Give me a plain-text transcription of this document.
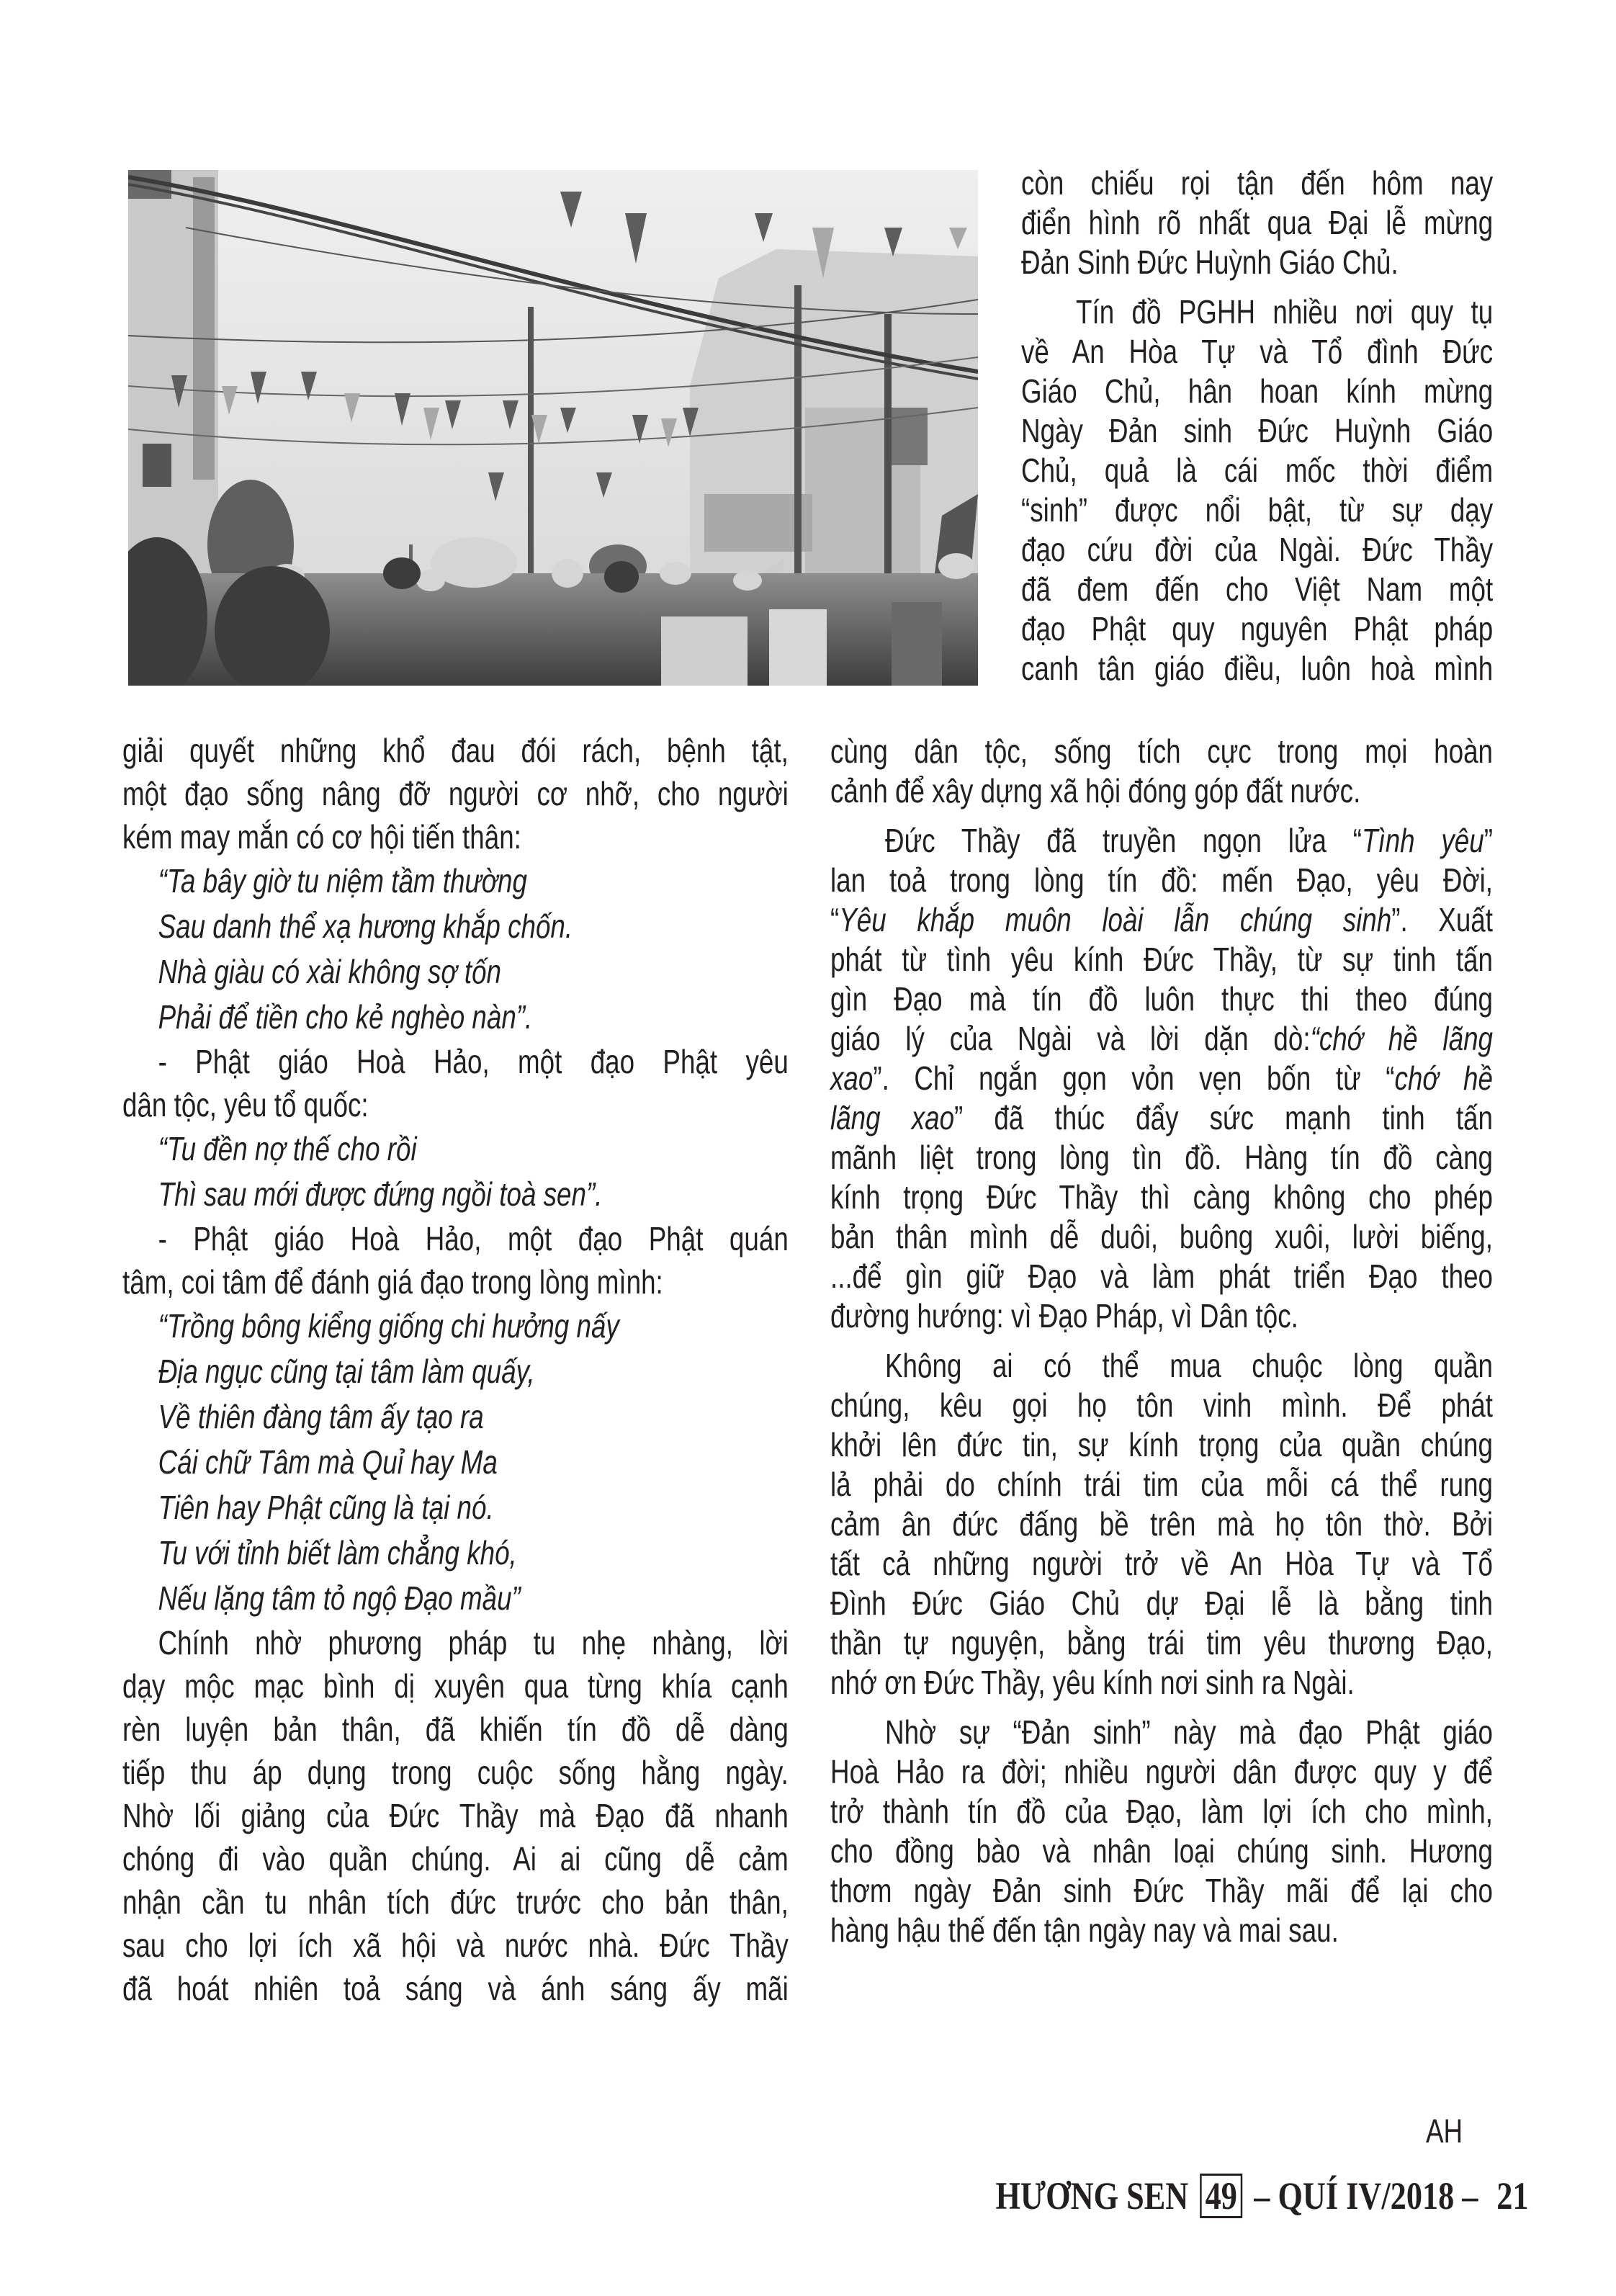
còn chiếu rọi tận đến hôm nay
điển hình rõ nhất qua Đại lễ mừng
Đản Sinh Đức Huỳnh Giáo Chủ.
Tín đồ PGHH nhiều nơi quy tụ
về An Hòa Tự và Tổ đình Đức
Giáo Chủ, hân hoan kính mừng
Ngày Đản sinh Đức Huỳnh Giáo
Chủ, quả là cái mốc thời điểm
“sinh” được nổi bật, từ sự dạy
đạo cứu đời của Ngài. Đức Thầy
đã đem đến cho Việt Nam một
đạo Phật quy nguyên Phật pháp
canh tân giáo điều, luôn hoà mình
cùng dân tộc, sống tích cực trong mọi hoàn
cảnh để xây dựng xã hội đóng góp đất nước.
Đức Thầy đã truyền ngọn lửa “Tình yêu”
lan toả trong lòng tín đồ: mến Đạo, yêu Đời,
“Yêu khắp muôn loài lẫn chúng sinh”. Xuất
phát từ tình yêu kính Đức Thầy, từ sự tinh tấn
gìn Đạo mà tín đồ luôn thực thi theo đúng
giáo lý của Ngài và lời dặn dò:“chớ hề lãng
xao”. Chỉ ngắn gọn vỏn vẹn bốn từ “chớ hề
lãng xao” đã thúc đẩy sức mạnh tinh tấn
mãnh liệt trong lòng tìn đồ. Hàng tín đồ càng
kính trọng Đức Thầy thì càng không cho phép
bản thân mình dễ duôi, buông xuôi, lười biếng,
...để gìn giữ Đạo và làm phát triển Đạo theo
đường hướng: vì Đạo Pháp, vì Dân tộc.
Không ai có thể mua chuộc lòng quần
chúng, kêu gọi họ tôn vinh mình. Để phát
khởi lên đức tin, sự kính trọng của quần chúng
lả phải do chính trái tim của mỗi cá thể rung
cảm ân đức đấng bề trên mà họ tôn thờ. Bởi
tất cả những người trở về An Hòa Tự và Tổ
Đình Đức Giáo Chủ dự Đại lễ là bằng tinh
thần tự nguyện, bằng trái tim yêu thương Đạo,
nhớ ơn Đức Thầy, yêu kính nơi sinh ra Ngài.
Nhờ sự “Đản sinh” này mà đạo Phật giáo
Hoà Hảo ra đời; nhiều người dân được quy y để
trở thành tín đồ của Đạo, làm lợi ích cho mình,
cho đồng bào và nhân loại chúng sinh. Hương
thơm ngày Đản sinh Đức Thầy mãi để lại cho
hàng hậu thế đến tận ngày nay và mai sau.
AH
giải quyết những khổ đau đói rách, bệnh tật,
một đạo sống nâng đỡ người cơ nhỡ, cho người
kém may mắn có cơ hội tiến thân:
“Ta bây giờ tu niệm tầm thường
Sau danh thể xạ hương khắp chốn.
Nhà giàu có xài không sợ tốn
Phải để tiền cho kẻ nghèo nàn”.
- Phật giáo Hoà Hảo, một đạo Phật yêu
dân tộc, yêu tổ quốc:
“Tu đền nợ thế cho rồi
Thì sau mới được đứng ngồi toà sen”.
- Phật giáo Hoà Hảo, một đạo Phật quán
tâm, coi tâm để đánh giá đạo trong lòng mình:
“Trồng bông kiểng giống chi hưởng nấy
Địa ngục cũng tại tâm làm quấy,
Về thiên đàng tâm ấy tạo ra
Cái chữ Tâm mà Quỉ hay Ma
Tiên hay Phật cũng là tại nó.
Tu với tỉnh biết làm chẳng khó,
Nếu lặng tâm tỏ ngộ Đạo mầu”
Chính nhờ phương pháp tu nhẹ nhàng, lời
dạy mộc mạc bình dị xuyên qua từng khía cạnh
rèn luyện bản thân, đã khiến tín đồ dễ dàng
tiếp thu áp dụng trong cuộc sống hằng ngày.
Nhờ lối giảng của Đức Thầy mà Đạo đã nhanh
chóng đi vào quần chúng. Ai ai cũng dễ cảm
nhận cần tu nhân tích đức trước cho bản thân,
sau cho lợi ích xã hội và nước nhà. Đức Thầy
đã hoát nhiên toả sáng và ánh sáng ấy mãi
HƯƠNG SEN 49 – QUÍ IV/2018 – 21
